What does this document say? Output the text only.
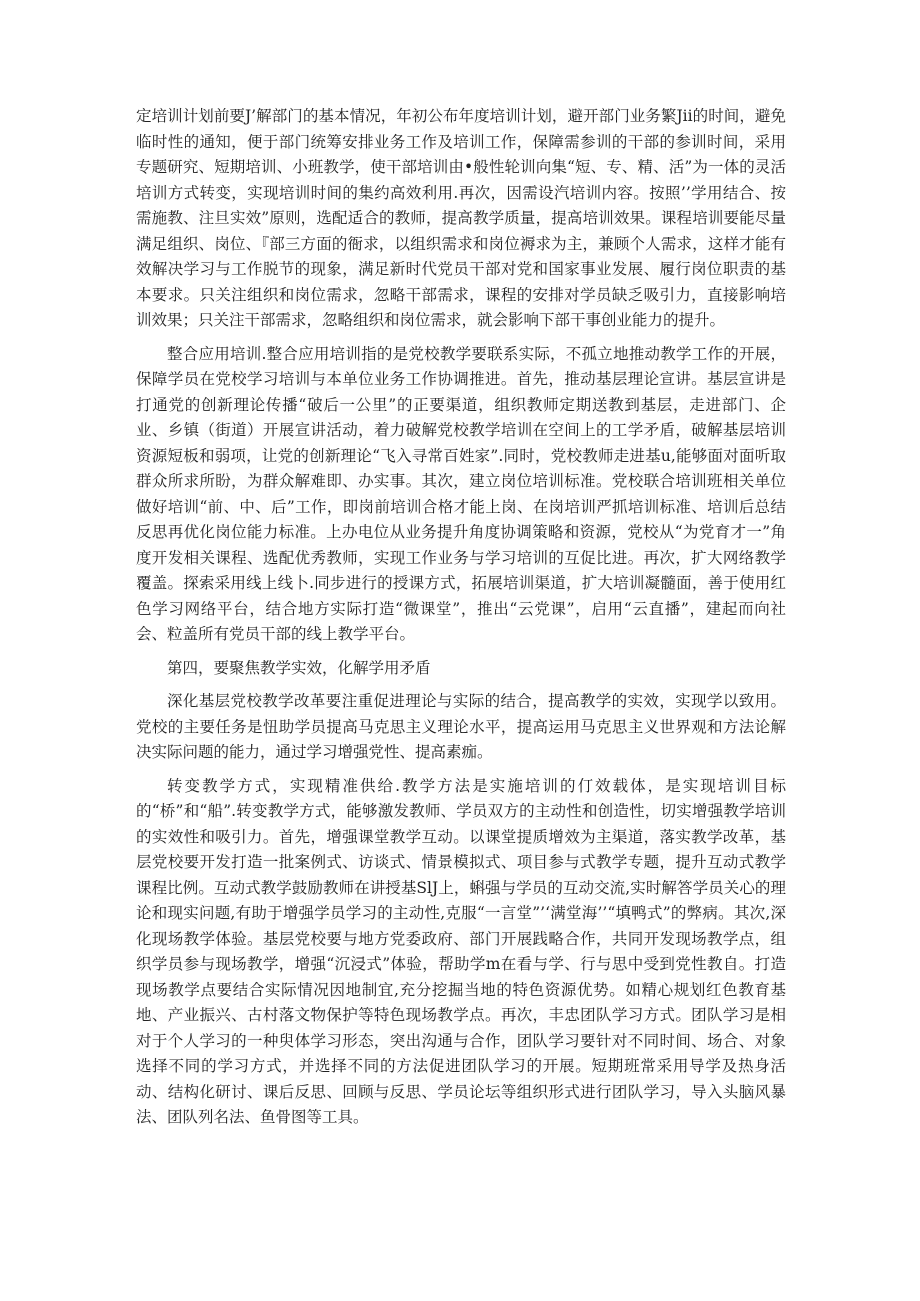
定培训计划前要J’解部门的基本情况，年初公布年度培训计划，避开部门业务繁Jii的时间，避免临时性的通知，便于部门统筹安排业务工作及培训工作，保障需参训的干部的参训时间，采用专题研究、短期培训、小班教学，使干部培训由•般性轮训向集“短、专、精、活”为一体的灵活培训方式转变，实现培训时间的集约高效利用.再次，因需设汽培训内容。按照’’学用结合、按需施教、注旦实效”原则，选配适合的教师，提高教学质量，提高培训效果。课程培训要能尽量满足组织、岗位、『部三方面的衙求，以组织需求和岗位褥求为主，兼顾个人需求，这样才能有效解决学习与工作脱节的现象，满足新时代党员干部对党和国家事业发展、履行岗位职责的基本要求。只关注组织和岗位需求，忽略干部需求，课程的安排对学员缺乏吸引力，直接影响培训效果；只关注干部需求，忽略组织和岗位需求，就会影响下部干事创业能力的提升。

整合应用培训.整合应用培训指的是党校教学要联系实际，不孤立地推动教学工作的开展，保障学员在党校学习培训与本单位业务工作协调推进。首先，推动基层理论宣讲。基层宣讲是打通党的创新理论传播“破后一公里”的正要渠道，组织教师定期送教到基层，走进部门、企业、乡镇（街道）开展宣讲活动，着力破解党校教学培训在空间上的工学矛盾，破解基层培训资源短板和弱项，让党的创新理论“飞入寻常百姓家”.同时，党校教师走进基u,能够面对面听取群众所求所盼，为群众解难即、办实事。其次，建立岗位培训标准。党校联合培训班相关单位做好培训“前、中、后”工作，即岗前培训合格才能上岗、在岗培训严抓培训标准、培训后总结反思再优化岗位能力标准。上办电位从业务提升角度协调策略和资源，党校从“为党育才一”角度开发相关课程、选配优秀教师，实现工作业务与学习培训的互促比进。再次，扩大网络教学覆盖。探索采用线上线卜.同步进行的授课方式，拓展培训渠道，扩大培训凝髓面，善于使用红色学习网络平台，结合地方实际打造“微课堂”，推出“云党课”，启用“云直播”，建起而向社会、粒盖所有党员干部的线上教学平台。

第四，要聚焦教学实效，化解学用矛盾

深化基层党校教学改革要注重促进理论与实际的结合，提高教学的实效，实现学以致用。党校的主要任务是忸助学员提高马克思主义理论水平，提高运用马克思主义世界观和方法论解决实际问题的能力，通过学习增强党性、提高素痂。

转变教学方式，实现精准供给.教学方法是实施培训的仃效载体，是实现培训目标的“桥”和“船”.转变教学方式，能够激发教师、学员双方的主动性和创造性，切实增强教学培训的实效性和吸引力。首先，增强课堂教学互动。以课堂提质增效为主渠道，落实教学改革，基层党校要开发打造一批案例式、访谈式、情景模拟式、项目参与式教学专题，提升互动式教学课程比例。互动式教学鼓励教师在讲授基SlJ上，蝌强与学员的互动交流,实时解答学员关心的理论和现实问题,有助于增强学员学习的主动性,克服“一言堂”’‘满堂海’’“填鸭式”的弊病。其次,深化现场教学体验。基层党校要与地方党委政府、部门开展践略合作，共同开发现场教学点，组织学员参与现场教学，增强“沉浸式”体验，帮助学m在看与学、行与思中受到党性教自。打造现场教学点要结合实际情况因地制宜,充分挖掘当地的特色资源优势。如精心规划红色教育基地、产业振兴、古村落文物保护等特色现场教学点。再次，丰忠团队学习方式。团队学习是相对于个人学习的一种臾体学习形态，突出沟通与合作，团队学习要针对不同时间、场合、对象选择不同的学习方式，并选择不同的方法促进团队学习的开展。短期班常采用导学及热身活动、结构化研讨、课后反思、回顾与反思、学员论坛等组织形式进行团队学习，导入头脑风暴法、团队列名法、鱼骨图等工具。
